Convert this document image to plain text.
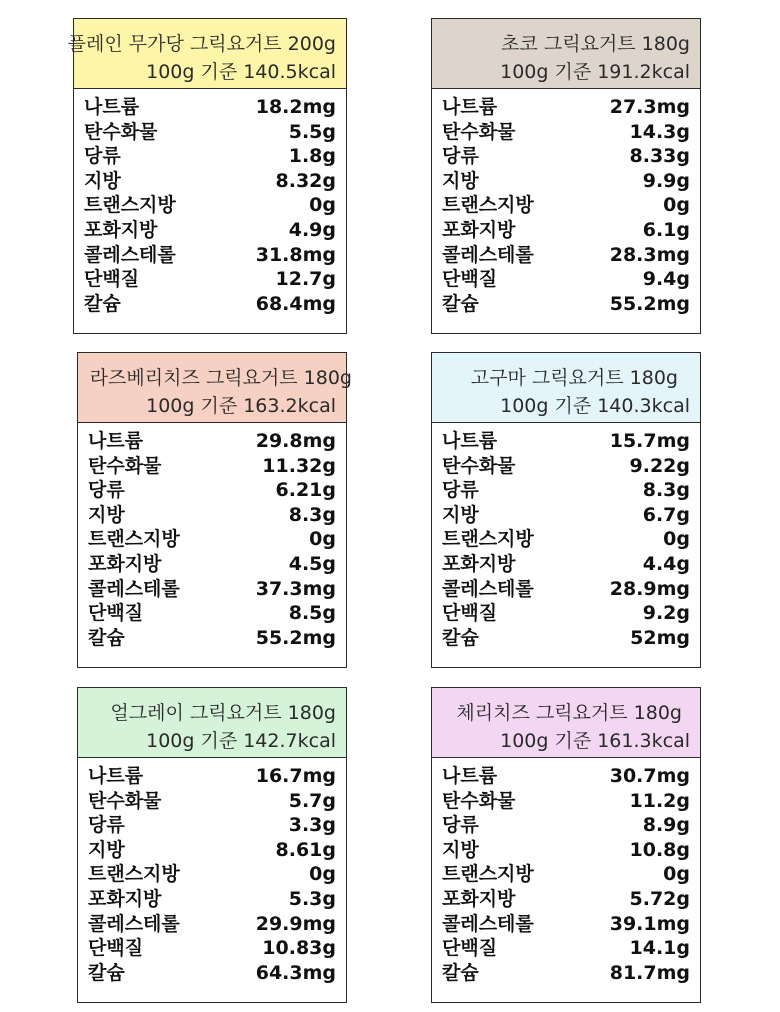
플레인 무가당 그릭요거트 200g
100g 기준 140.5kcal
나트륨	18.2mg
탄수화물	5.5g
당류	1.8g
지방	8.32g
트랜스지방	0g
포화지방	4.9g
콜레스테롤	31.8mg
단백질	12.7g
칼슘	68.4mg
초코 그릭요거트 180g
100g 기준 191.2kcal
나트륨	27.3mg
탄수화물	14.3g
당류	8.33g
지방	9.9g
트랜스지방	0g
포화지방	6.1g
콜레스테롤	28.3mg
단백질	9.4g
칼슘	55.2mg
라즈베리치즈 그릭요거트 180g
100g 기준 163.2kcal
나트륨	29.8mg
탄수화물	11.32g
당류	6.21g
지방	8.3g
트랜스지방	0g
포화지방	4.5g
콜레스테롤	37.3mg
단백질	8.5g
칼슘	55.2mg
고구마 그릭요거트 180g
100g 기준 140.3kcal
나트륨	15.7mg
탄수화물	9.22g
당류	8.3g
지방	6.7g
트랜스지방	0g
포화지방	4.4g
콜레스테롤	28.9mg
단백질	9.2g
칼슘	52mg
얼그레이 그릭요거트 180g
100g 기준 142.7kcal
나트륨	16.7mg
탄수화물	5.7g
당류	3.3g
지방	8.61g
트랜스지방	0g
포화지방	5.3g
콜레스테롤	29.9mg
단백질	10.83g
칼슘	64.3mg
체리치즈 그릭요거트 180g
100g 기준 161.3kcal
나트륨	30.7mg
탄수화물	11.2g
당류	8.9g
지방	10.8g
트랜스지방	0g
포화지방	5.72g
콜레스테롤	39.1mg
단백질	14.1g
칼슘	81.7mg
